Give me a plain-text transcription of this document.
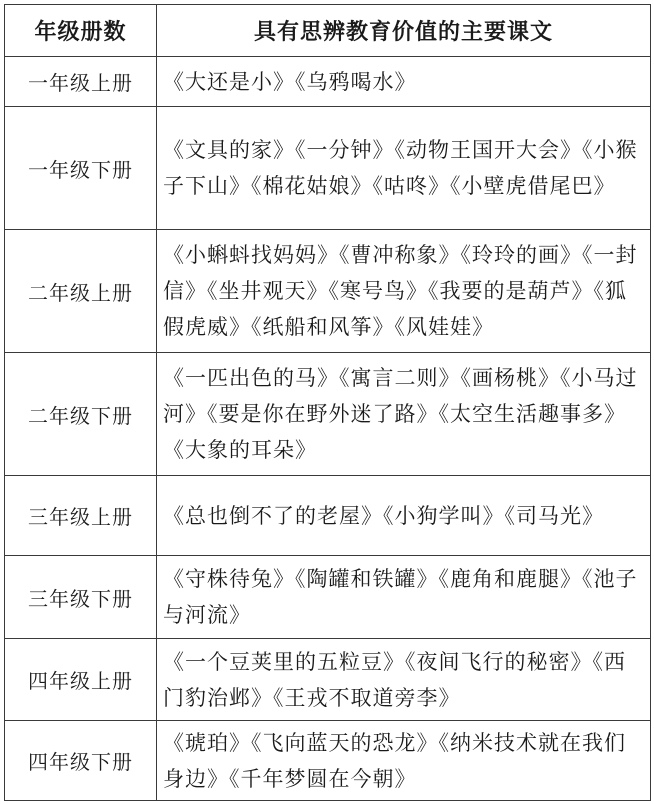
年级册数	具有思辨教育价值的主要课文
一年级上册	《大还是小》《乌鸦喝水》
一年级下册	《文具的家》《一分钟》《动物王国开大会》《小猴子下山》《棉花姑娘》《咕咚》《小壁虎借尾巴》
二年级上册	《小蝌蚪找妈妈》《曹冲称象》《玲玲的画》《一封信》《坐井观天》《寒号鸟》《我要的是葫芦》《狐假虎威》《纸船和风筝》《风娃娃》
二年级下册	《一匹出色的马》《寓言二则》《画杨桃》《小马过河》《要是你在野外迷了路》《太空生活趣事多》《大象的耳朵》
三年级上册	《总也倒不了的老屋》《小狗学叫》《司马光》
三年级下册	《守株待兔》《陶罐和铁罐》《鹿角和鹿腿》《池子与河流》
四年级上册	《一个豆荚里的五粒豆》《夜间飞行的秘密》《西门豹治邺》《王戎不取道旁李》
四年级下册	《琥珀》《飞向蓝天的恐龙》《纳米技术就在我们身边》《千年梦圆在今朝》
